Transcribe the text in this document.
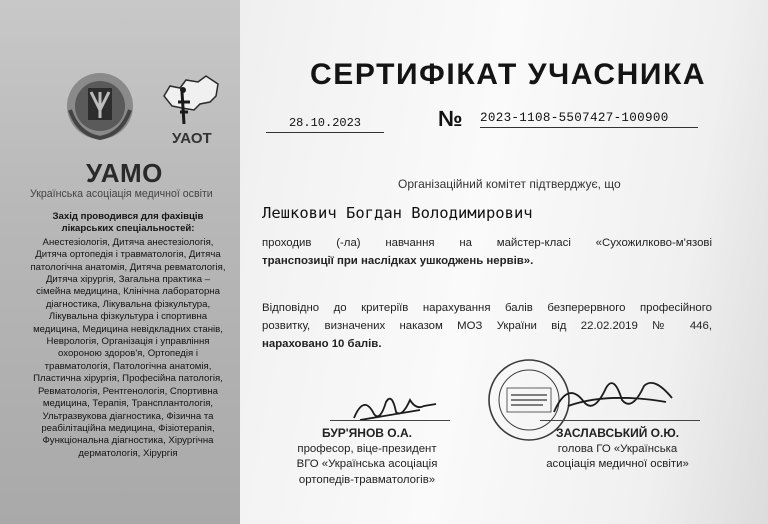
УАОТ
УАМО
Українська асоціація медичної освіти
Захід проводився для фахівців лікарських спеціальностей:
Анестезіологія, Дитяча анестезіологія, Дитяча ортопедія і травматологія, Дитяча патологічна анатомія, Дитяча ревматологія, Дитяча хірургія, Загальна практика – сімейна медицина, Клінічна лабораторна діагностика, Лікувальна фізкультура, Лікувальна фізкультура і спортивна медицина, Медицина невідкладних станів, Неврологія, Організація і управління охороною здоров'я, Ортопедія і травматологія, Патологічна анатомія, Пластична хірургія, Професійна патологія, Ревматологія, Рентгенологія, Спортивна медицина, Терапія, Трансплантологія, Ультразвукова діагностика, Фізична та реабілітаційна медицина, Фізіотерапія, Функціональна діагностика, Хірургічна дерматологія, Хірургія
СЕРТИФІКАТ УЧАСНИКА
28.10.2023	№ 2023-1108-5507427-100900
Організаційний комітет підтверджує, що
Лешкович Богдан Володимирович
проходив (-ла) навчання на майстер-класі «Сухожилково-м'язові
транспозиції при наслідках ушкоджень нервів».
Відповідно до критеріїв нарахування балів безперервного професійного
розвитку, визначених наказом МОЗ України від 22.02.2019 № 446,
нараховано 10 балів.
БУР'ЯНОВ О.А.
професор, віце-президент
ВГО «Українська асоціація
ортопедів-травматологів»
ЗАСЛАВСЬКИЙ О.Ю.
голова ГО «Українська
асоціація медичної освіти»
